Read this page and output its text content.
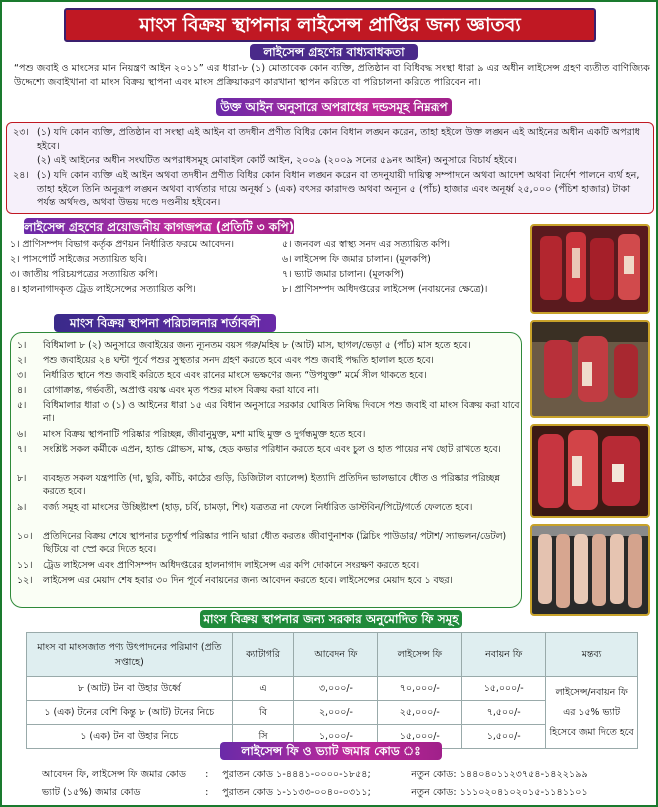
মাংস বিক্রয় স্থাপনার লাইসেন্স প্রাপ্তির জন্য জ্ঞাতব্য
লাইসেন্স গ্রহণের বাধ্যবাধকতা
“পশু জবাই ও মাংসের মান নিয়ন্ত্রণ আইন ২০১১” এর ধারা-৮ (১) মোতাবেক কোন ব্যক্তি, প্রতিষ্ঠান বা বিধিবদ্ধ সংস্থা ধারা ৯ এর অধীন লাইসেন্স গ্রহণ ব্যতীত বাণিজ্যিক উদ্দেশ্যে জবাইখানা বা মাংস বিক্রয় স্থাপনা এবং মাংস প্রক্রিয়াকরণ কারখানা স্থাপন করিতে বা পরিচালনা করিতে পারিবেন না।
উক্ত আইন অনুসারে অপরাধের দন্ডসমূহ নিম্নরূপ
২৩। (১) যদি কোন ব্যক্তি, প্রতিষ্ঠান বা সংস্থা এই আইন বা তদধীন প্রণীত বিধির কোন বিধান লঙ্ঘন করেন, তাহা হইলে উক্ত লঙ্ঘন এই আইনের অধীন একটি অপরাধ হইবে।
(২) এই আইনের অধীন সংঘটিত অপরাধসমূহ মোবাইল কোর্ট আইন, ২০০৯ (২০০৯ সনের ৫৯নং আইন) অনুসারে বিচার্য হইবে।
২৪। (১) যদি কোন ব্যক্তি এই আইন অথবা তদধীন প্রণীত বিধির কোন বিধান লঙ্ঘন করেন বা তদনুযায়ী দায়িত্ব সম্পাদনে অথবা আদেশ অথবা নির্দেশ পালনে ব্যর্থ হন, তাহা হইলে তিনি অনুরূপ লঙ্ঘন অথবা ব্যর্থতার দায়ে অনূর্ধ্ব ১ (এক) বৎসর কারাদণ্ড অথবা অন্যূন ৫ (পাঁচ) হাজার এবং অনূর্ধ্ব ২৫,০০০ (পঁচিশ হাজার) টাকা পর্যন্ত অর্থদণ্ড, অথবা উভয় দণ্ডে দণ্ডনীয় হইবেন।
লাইসেন্স গ্রহণের প্রয়োজনীয় কাগজপত্র (প্রতিটি ৩ কপি)
১। প্রাণিসম্পদ বিভাগ কর্তৃক প্রণয়ন নির্ধারিত ফরমে আবেদন।
২। পাসপোর্ট সাইজের সত্যায়িত ছবি।
৩। জাতীয় পরিচয়পত্রের সত্যায়িত কপি।
৪। হালনাগাদকৃত ট্রেড লাইসেন্সের সত্যায়িত কপি।
৫। জনবল এর স্বাস্থ্য সনদ এর সত্যায়িত কপি।
৬। লাইসেন্স ফি জমার চালান। (মূলকপি)
৭। ভ্যাট জমার চালান। (মূলকপি)
৮। প্রাণিসম্পদ অধিদপ্তরের লাইসেন্স (নবায়নের ক্ষেত্রে)।
মাংস বিক্রয় স্থাপনা পরিচালনার শর্তাবলী
১।	বিধিমালা ৮ (২) অনুসারে জবাইয়ের জন্য ন্যূনতম বয়স গরু/মহিষ ৮ (আট) মাস, ছাগল/ভেড়া ৫ (পাঁচ) মাস হতে হবে।
২।	পশু জবাইয়ের ২৪ ঘন্টা পূর্বে পশুর সুস্থতার সনদ গ্রহণ করতে হবে এবং পশু জবাই পদ্ধতি হালাল হতে হবে।
৩।	নির্ধারিত স্থানে পশু জবাই করিতে হবে এবং রানের মাংসে ভক্ষণের জন্য “উপযুক্ত” মর্মে সীল থাকতে হবে।
৪।	রোগাক্রান্ত, গর্ভবতী, অপ্রাপ্ত বয়স্ক এবং মৃত পশুর মাংস বিক্রয় করা যাবে না।
৫।	বিধিমালার ধারা ৩ (১) ও আইনের ধারা ১৫ এর বিধান অনুসারে সরকার ঘোষিত নিষিদ্ধ দিবসে পশু জবাই বা মাংস বিক্রয় করা যাবে না।
৬।	মাংস বিক্রয় স্থাপনাটি পরিষ্কার পরিচ্ছন্ন, জীবানুমুক্ত, মশা মাছি মুক্ত ও দুর্গন্ধমুক্ত হতে হবে।
৭।	সংশ্লিষ্ট সকল কর্মীকে এপ্রন, হ্যান্ড গ্লোভস, মাস্ক, হেড কভার পরিধান করতে হবে এবং চুল ও হাত পায়ের নখ ছোট রাখতে হবে।
৮।	ব্যবহৃত সকল যন্ত্রপাতি (দা, ছুরি, কাঁচি, কাঠের গুড়ি, ডিজিটাল ব্যালেন্স) ইত্যাদি প্রতিদিন ভালভাবে ধৌত ও পরিষ্কার পরিচ্ছন্ন করতে হবে।
৯।	বর্জ্য সমূহ বা মাংসের উচ্ছিষ্টাংশ (হাড়, চর্বি, চামড়া, শিং) যত্রতত্র না ফেলে নির্ধারিত ডাস্টবিন/পিটে/গর্তে ফেলতে হবে।
১০।	প্রতিদিনের বিক্রয় শেষে স্থাপনার চতুর্পার্শ্ব পরিষ্কার পানি দ্বারা ধৌত করতঃ জীবাণুনাশক (ব্লিচিং পাউডার/ পটাশ/ স্যাভলন/ডেটল) ছিটিয়ে বা স্প্রে করে দিতে হবে।
১১।	ট্রেড লাইসেন্স এবং প্রাণিসম্পদ অধিদপ্তরের হালনাগাদ লাইসেন্স এর কপি দোকানে সংরক্ষণ করতে হবে।
১২।	লাইসেন্স এর মেয়াদ শেষ হবার ৩০ দিন পূর্বে নবায়নের জন্য আবেদন করতে হবে। লাইসেন্সের মেয়াদ হবে ১ বছর।
মাংস বিক্রয় স্থাপনার জন্য সরকার অনুমোদিত ফি সমূহ
মাংস বা মাংসজাত পণ্য উৎপাদনের পরিমাণ (প্রতি সপ্তাহে)	ক্যাটাগরি	আবেদন ফি	লাইসেন্স ফি	নবায়ন ফি	মন্তব্য
৮ (আট) টন বা উহার উর্ধ্বে	এ	৩,০০০/-	৭০,০০০/-	১৫,০০০/-	লাইসেন্স/নবায়ন ফি
এর ১৫% ভ্যাট
হিসেবে জমা দিতে হবে

১ (এক) টনের বেশি কিন্তু ৮ (আট) টনের নিচে	বি	২,০০০/-	২৫,০০০/-	৭,৫০০/-	
১ (এক) টন বা উহার নিচে	সি	১,০০০/-	১৫,০০০/-	১,৫০০/-	
লাইসেন্স ফি ও ভ্যাট জমার কোড ঃ
আবেদন ফি, লাইসেন্স ফি জমার কোড : পুরাতন কোড ১-৪৪৪১-০০০০-১৮৫৪;	নতুন কোড: ১৪৪০৪০১১২৩৭৫৪-১৪২২১৯৯
ভ্যাট (১৫%) জমার কোড	: পুরাতন কোড ১-১১৩৩-০০৪০-০৩১১;	নতুন কোড: ১১১০২০৪১০২০১৫-১১৪১১০১
